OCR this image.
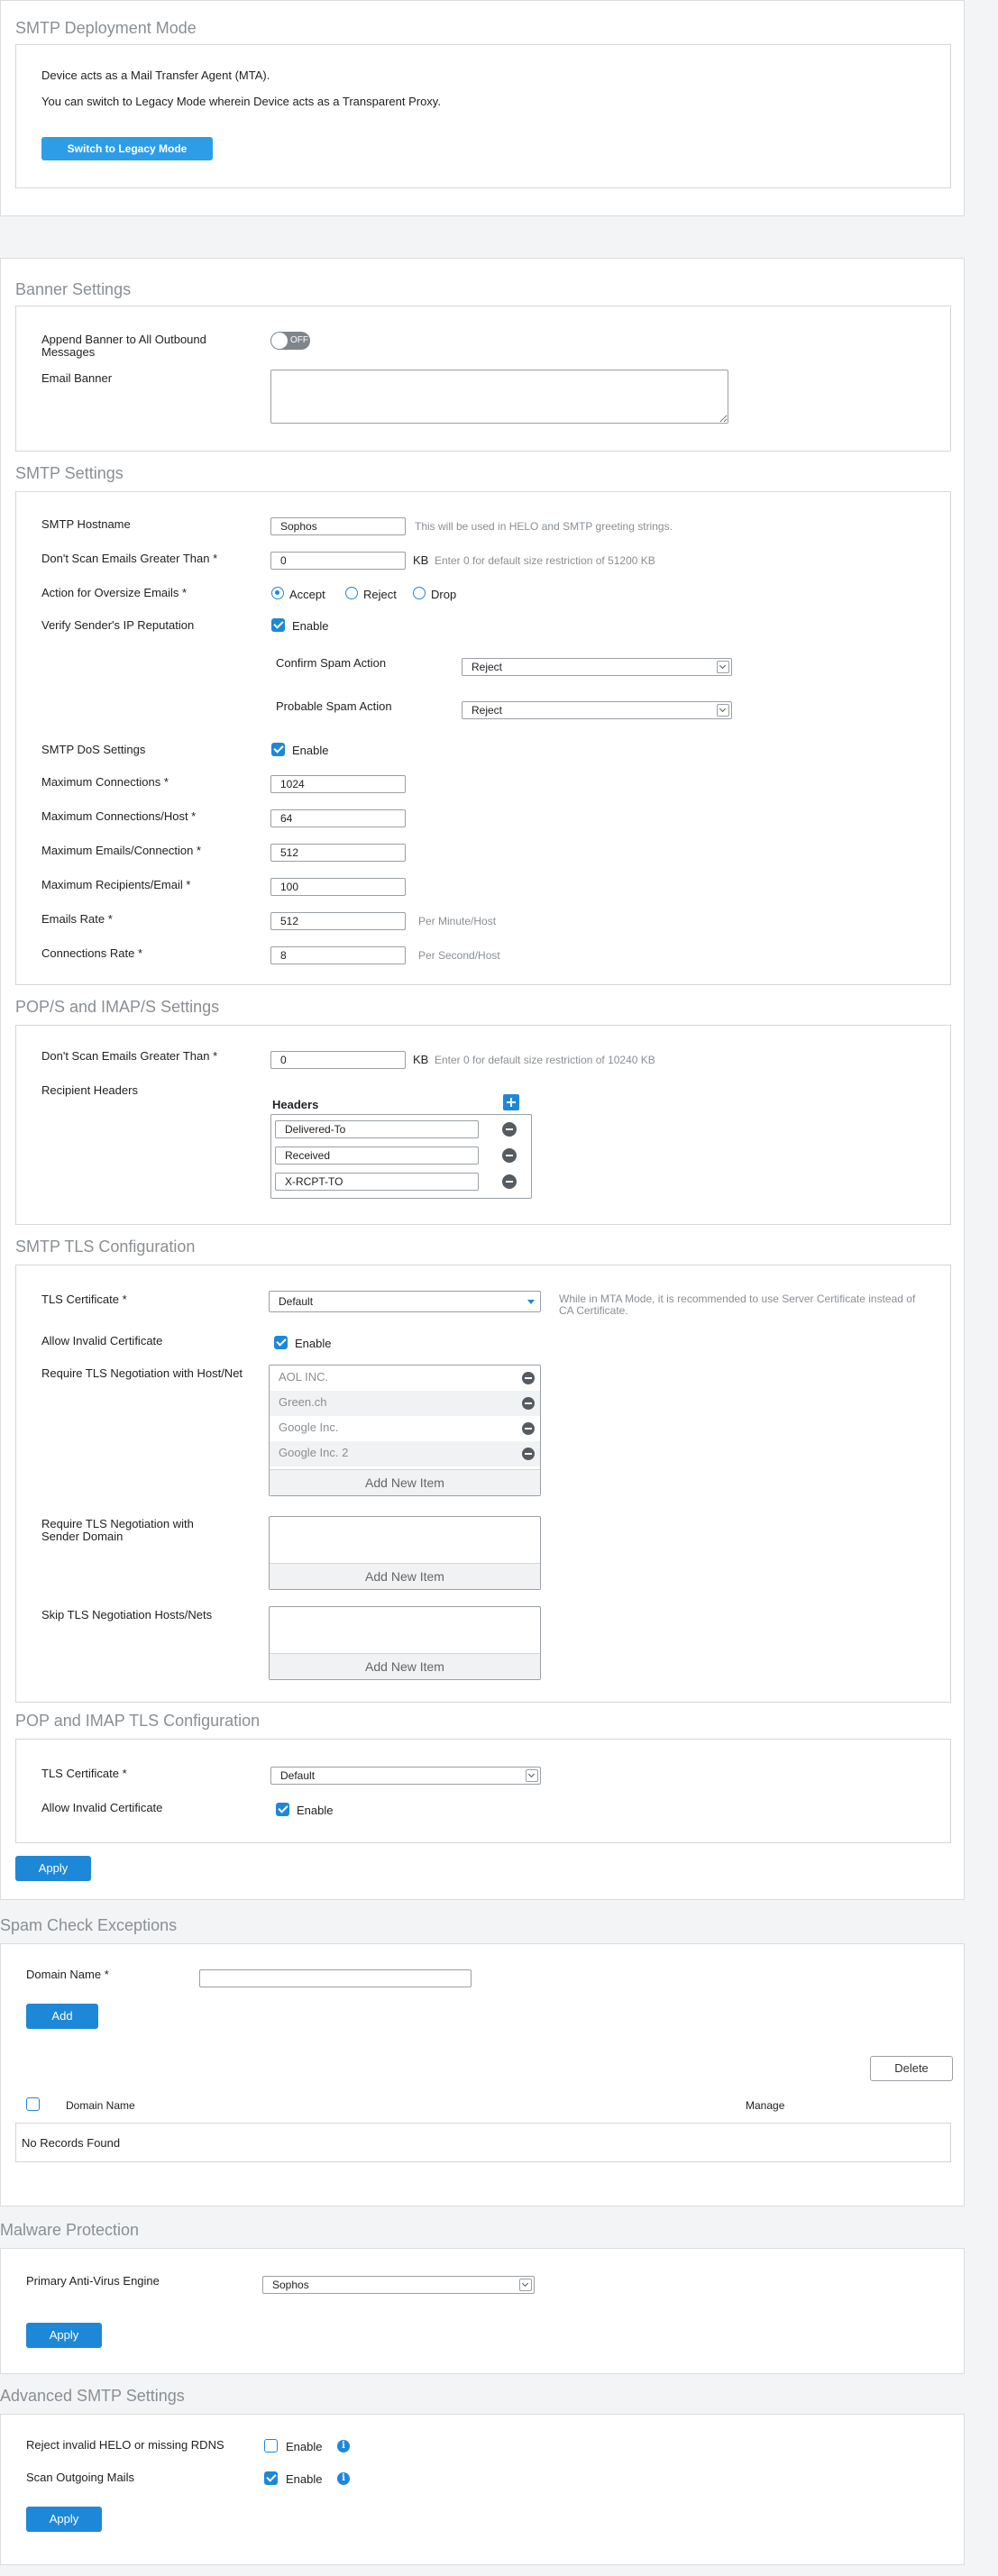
SMTP Deployment Mode
Device acts as a Mail Transfer Agent (MTA).
You can switch to Legacy Mode wherein Device acts as a Transparent Proxy.
Switch to Legacy Mode
Banner Settings
Append Banner to All Outbound Messages
OFF
Email Banner
SMTP Settings
SMTP Hostname
Sophos	This will be used in HELO and SMTP greeting strings.
Don't Scan Emails Greater Than *
0	KB Enter 0 for default size restriction of 51200 KB
Action for Oversize Emails *	Accept	Reject	Drop
Verify Sender's IP Reputation	Enable
Confirm Spam Action	Reject
Probable Spam Action	Reject
SMTP DoS Settings	Enable
Maximum Connections *
1024
Maximum Connections/Host *
64
Maximum Emails/Connection *
512
Maximum Recipients/Email *
100
Emails Rate *
512	Per Minute/Host
Connections Rate *
8	Per Second/Host
POP/S and IMAP/S Settings
Don't Scan Emails Greater Than *
0	KB Enter 0 for default size restriction of 10240 KB
Recipient Headers
Headers
Delivered-To
Received
X-RCPT-TO
SMTP TLS Configuration
TLS Certificate *	Default	While in MTA Mode, it is recommended to use Server Certificate instead of CA Certificate.
Allow Invalid Certificate	Enable
Require TLS Negotiation with Host/Net	AOL INC.
Green.ch
Google Inc.
Google Inc. 2
Add New Item
Require TLS Negotiation with Sender Domain
Add New Item
Skip TLS Negotiation Hosts/Nets
Add New Item
POP and IMAP TLS Configuration
TLS Certificate *	Default
Allow Invalid Certificate	Enable
Apply
Spam Check Exceptions
Domain Name *
Add
Delete
Domain Name	Manage
No Records Found
Malware Protection
Primary Anti-Virus Engine	Sophos
Apply
Advanced SMTP Settings
Reject invalid HELO or missing RDNS	Enable	i
Scan Outgoing Mails	Enable	i
Apply
